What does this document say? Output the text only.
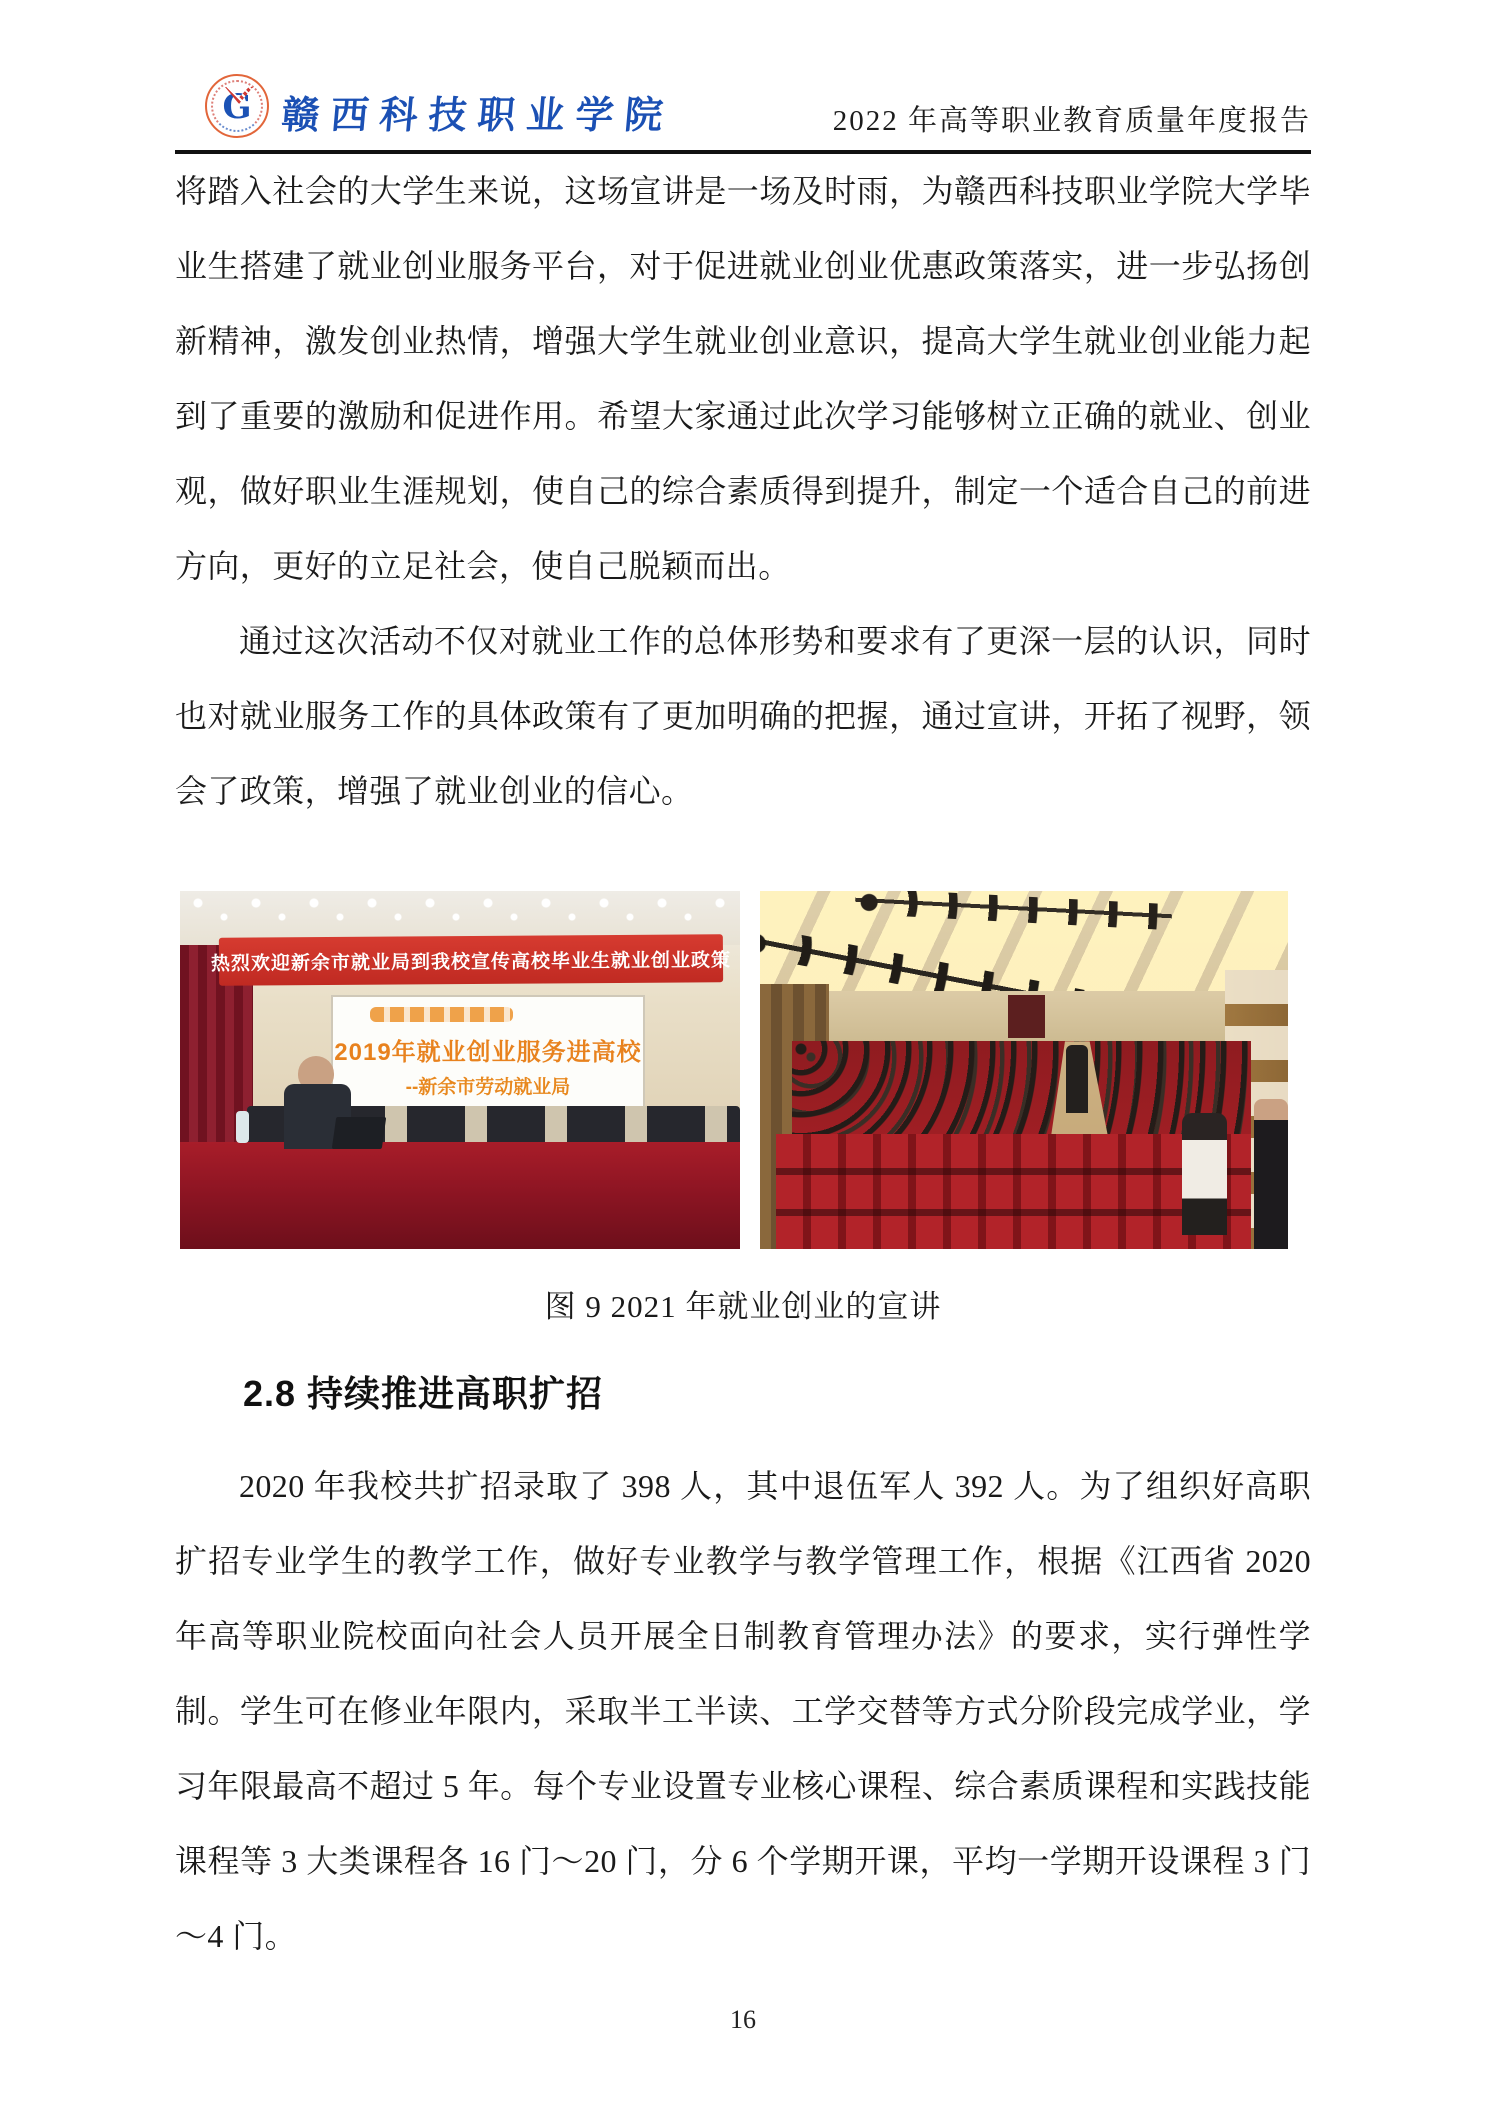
G 赣西科技职业学院	2022 年高等职业教育质量年度报告

将踏入社会的大学生来说，这场宣讲是一场及时雨，为赣西科技职业学院大学毕业生搭建了就业创业服务平台，对于促进就业创业优惠政策落实，进一步弘扬创新精神，激发创业热情，增强大学生就业创业意识，提高大学生就业创业能力起到了重要的激励和促进作用。希望大家通过此次学习能够树立正确的就业、创业观，做好职业生涯规划，使自己的综合素质得到提升，制定一个适合自己的前进方向，更好的立足社会，使自己脱颖而出。

通过这次活动不仅对就业工作的总体形势和要求有了更深一层的认识，同时也对就业服务工作的具体政策有了更加明确的把握，通过宣讲，开拓了视野，领会了政策，增强了就业创业的信心。

热烈欢迎新余市就业局到我校宣传高校毕业生就业创业政策
2019年就业创业服务进高校
--新余市劳动就业局
图 9 2021 年就业创业的宣讲
2.8 持续推进高职扩招

2020 年我校共扩招录取了 398 人，其中退伍军人 392 人。为了组织好高职扩招专业学生的教学工作，做好专业教学与教学管理工作，根据《江西省 2020 年高等职业院校面向社会人员开展全日制教育管理办法》的要求，实行弹性学制。学生可在修业年限内，采取半工半读、工学交替等方式分阶段完成学业，学习年限最高不超过 5 年。每个专业设置专业核心课程、综合素质课程和实践技能课程等 3 大类课程各 16 门～20 门，分 6 个学期开课，平均一学期开设课程 3 门～4 门。

16
